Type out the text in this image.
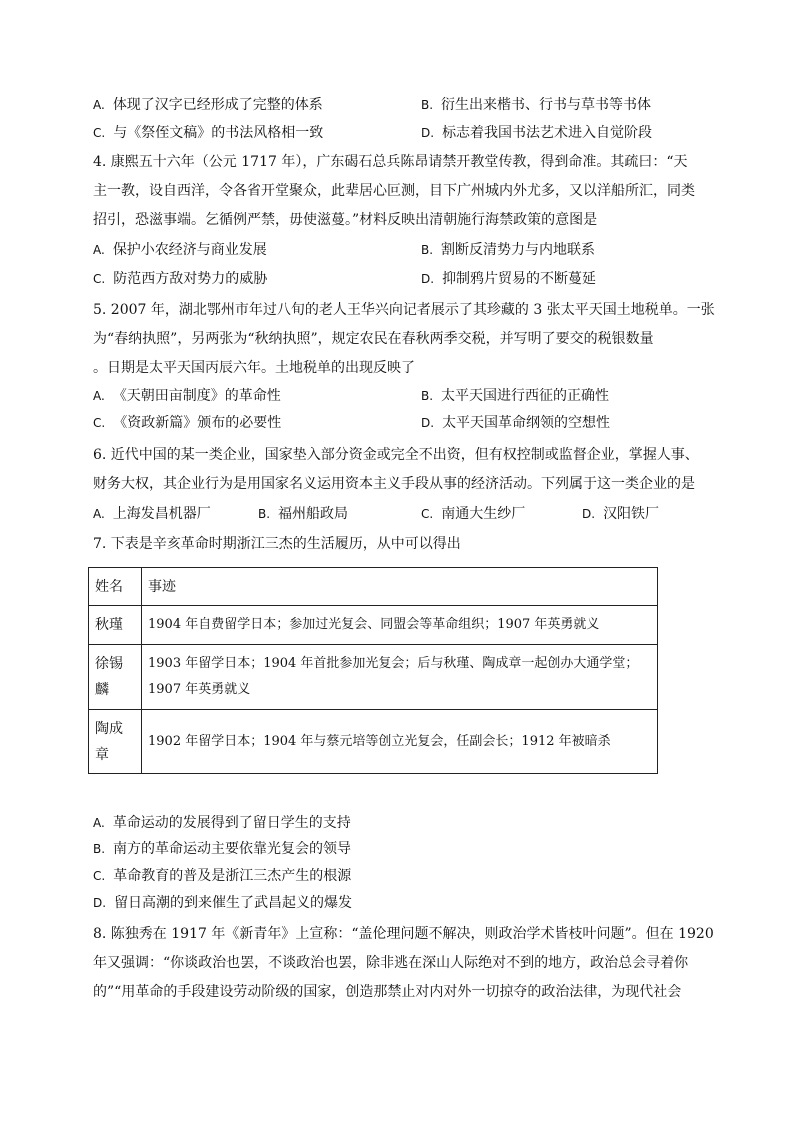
A. 体现了汉字已经形成了完整的体系	B. 衍生出来楷书、行书与草书等书体
C. 与《祭侄文稿》的书法风格相一致	D. 标志着我国书法艺术进入自觉阶段
4. 康熙五十六年（公元 1717 年），广东碣石总兵陈昂请禁开教堂传教，得到命准。其疏曰：“天
主一教，设自西洋，令各省开堂聚众，此辈居心叵测，目下广州城内外尤多，又以洋船所汇，同类
招引，恐滋事端。乞循例严禁，毋使滋蔓。”材料反映出清朝施行海禁政策的意图是
A. 保护小农经济与商业发展	B. 割断反清势力与内地联系
C. 防范西方敌对势力的威胁	D. 抑制鸦片贸易的不断蔓延
5. 2007 年，湖北鄂州市年过八旬的老人王华兴向记者展示了其珍藏的 3 张太平天国土地税单。一张
为“春纳执照”，另两张为“秋纳执照”，规定农民在春秋两季交税，并写明了要交的税银数量
。日期是太平天国丙辰六年。土地税单的出现反映了
A. 《天朝田亩制度》的革命性	B. 太平天国进行西征的正确性
C. 《资政新篇》颁布的必要性	D. 太平天国革命纲领的空想性
6. 近代中国的某一类企业，国家垫入部分资金或完全不出资，但有权控制或监督企业，掌握人事、
财务大权，其企业行为是用国家名义运用资本主义手段从事的经济活动。下列属于这一类企业的是
A. 上海发昌机器厂	B. 福州船政局	C. 南通大生纱厂	D. 汉阳铁厂
7. 下表是辛亥革命时期浙江三杰的生活履历，从中可以得出
姓名	事迹
秋瑾	1904 年自费留学日本；参加过光复会、同盟会等革命组织；1907 年英勇就义
徐锡麟	1903 年留学日本；1904 年首批参加光复会；后与秋瑾、陶成章一起创办大通学堂；1907 年英勇就义
陶成章	1902 年留学日本；1904 年与蔡元培等创立光复会，任副会长；1912 年被暗杀
A. 革命运动的发展得到了留日学生的支持
B. 南方的革命运动主要依靠光复会的领导
C. 革命教育的普及是浙江三杰产生的根源
D. 留日高潮的到来催生了武昌起义的爆发
8. 陈独秀在 1917 年《新青年》上宣称：“盖伦理问题不解决，则政治学术皆枝叶问题”。但在 1920
年又强调：“你谈政治也罢，不谈政治也罢，除非逃在深山人际绝对不到的地方，政治总会寻着你
的”“用革命的手段建设劳动阶级的国家，创造那禁止对内对外一切掠夺的政治法律，为现代社会
